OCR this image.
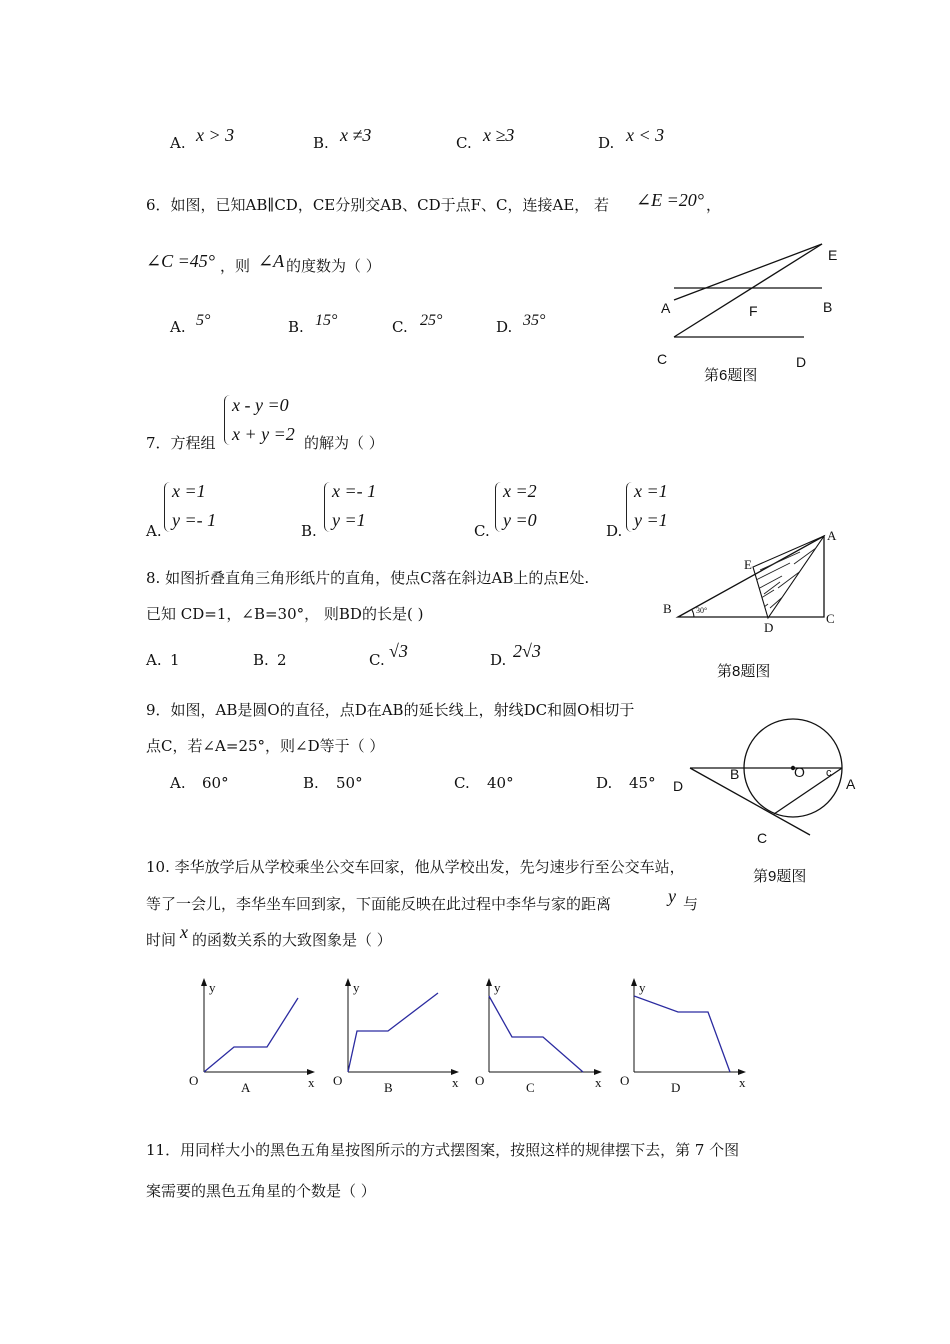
A. x > 3	B. x ≠3	C. x ≥3	D. x < 3
6．如图，已知AB∥CD，CE分别交AB、CD于点F、C，连接AE， 若 ∠E =20° ，
∠C =45° ，则 ∠A 的度数为（ ）
A. 5°	B. 15°	C. 25°	D. 35°
E
A	F	B
C	D
第6题图
7．方程组
x - y =0
x + y =2 的解为（ ）
A.
x =1
y =- 1
B.
x =- 1
y =1
C.
x =2
y =0
D.
x =1
y =1
8. 如图折叠直角三角形纸片的直角，使点C落在斜边AB上的点E处.
已知 CD=1，∠B=30°， 则BD的长是( )
A. 1	B. 2	C. √3	D. 2√3
A
E
B	30°
D
C
第8题图
9．如图，AB是圆O的直径，点D在AB的延长线上，射线DC和圆O相切于
点C，若∠A=25°，则∠D等于（ ）
A. 60°	B. 50°	C. 40°	D. 45° D
B	O c
A
C
第9题图
10. 李华放学后从学校乘坐公交车回家，他从学校出发，先匀速步行至公交车站，
等了一会儿，李华坐车回到家，下面能反映在此过程中李华与家的距离	y 与
时间 x 的函数关系的大致图象是（ ）
y
O	x
A
y
O	x
B
y
O	x
C
y
O	x
D
11．用同样大小的黑色五角星按图所示的方式摆图案，按照这样的规律摆下去，第 7 个图
案需要的黑色五角星的个数是（ ）
